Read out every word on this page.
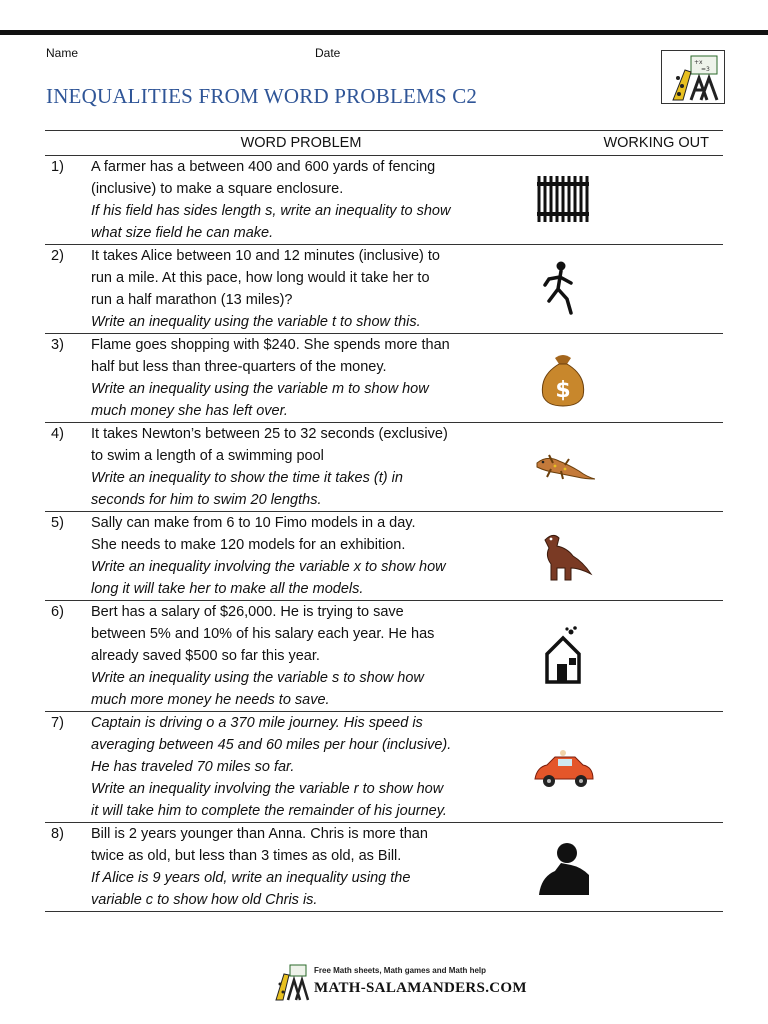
Name	Date
+x
=3
INEQUALITIES FROM WORD PROBLEMS C2
	WORD PROBLEM		WORKING OUT
1)	A farmer has a between 400 and 600 yards of fencing
(inclusive) to make a square enclosure.
If his field has sides length s, write an inequality to show
what size field he can make.

2)	It takes Alice between 10 and 12 minutes (inclusive) to
run a mile. At this pace, how long would it take her to
run a half marathon (13 miles)?
Write an inequality using the variable t to show this.

3)	Flame goes shopping with $240. She spends more than
half but less than three-quarters of the money.
Write an inequality using the variable m to show how
much money she has left over.	$	

4)	It takes Newton’s between 25 to 32 seconds (exclusive)
to swim a length of a swimming pool
Write an inequality to show the time it takes (t) in
seconds for him to swim 20 lengths.

5)	Sally can make from 6 to 10 Fimo models in a day.
She needs to make 120 models for an exhibition.
Write an inequality involving the variable x to show how
long it will take her to make all the models.

6)	Bert has a salary of $26,000. He is trying to save
between 5% and 10% of his salary each year. He has
already saved $500 so far this year.
Write an inequality using the variable s to show how
much more money he needs to save.

7)	Captain is driving o a 370 mile journey. His speed is
averaging between 45 and 60 miles per hour (inclusive).
He has traveled 70 miles so far.
Write an inequality involving the variable r to show how
it will take him to complete the remainder of his journey.

8)	Bill is 2 years younger than Anna. Chris is more than
twice as old, but less than 3 times as old, as Bill.
If Alice is 9 years old, write an inequality using the
variable c to show how old Chris is.

Free Math sheets, Math games and Math help
MATH-SALAMANDERS.COM
